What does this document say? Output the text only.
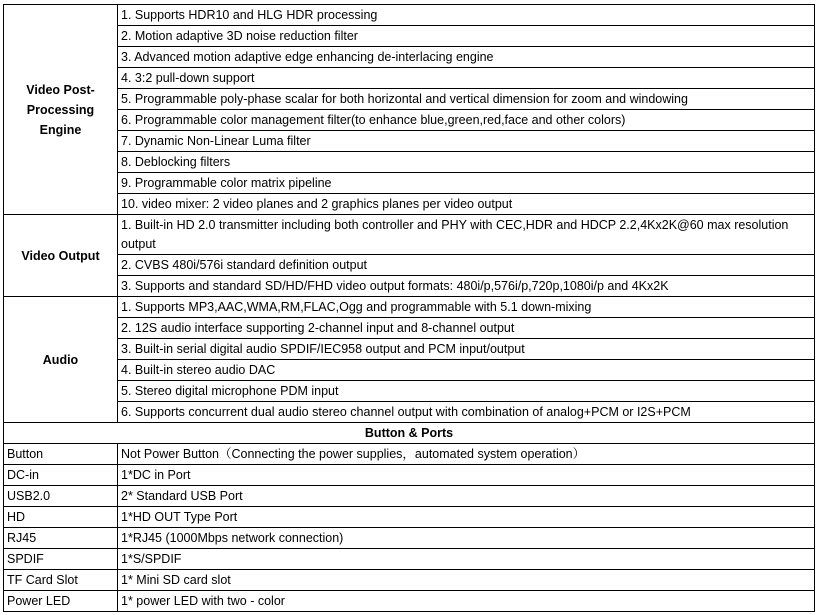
Video Post-Processing Engine	1. Supports HDR10 and HLG HDR processing
	2. Motion adaptive 3D noise reduction filter
	3. Advanced motion adaptive edge enhancing de-interlacing engine
	4. 3:2 pull-down support
	5. Programmable poly-phase scalar for both horizontal and vertical dimension for zoom and windowing
	6. Programmable color management filter(to enhance blue,green,red,face and other colors)
	7. Dynamic Non-Linear Luma filter
	8. Deblocking filters
	9. Programmable color matrix pipeline
	10. video mixer: 2 video planes and 2 graphics planes per video output
Video Output	1. Built-in HD 2.0 transmitter including both controller and PHY with CEC,HDR and HDCP 2.2,4Kx2K@60 max resolution output
	2. CVBS 480i/576i standard definition output
	3. Supports and standard SD/HD/FHD video output formats: 480i/p,576i/p,720p,1080i/p and 4Kx2K
Audio	1. Supports MP3,AAC,WMA,RM,FLAC,Ogg and programmable with 5.1 down-mixing
	2. 12S audio interface supporting 2-channel input and 8-channel output
	3. Built-in serial digital audio SPDIF/IEC958 output and PCM input/output
	4. Built-in stereo audio DAC
	5. Stereo digital microphone PDM input
	6. Supports concurrent dual audio stereo channel output with combination of analog+PCM or I2S+PCM
Button & Ports	
Button	Not Power Button（Connecting the power supplies，automated system operation）
DC-in	1*DC in Port
USB2.0	2* Standard USB Port
HD	1*HD OUT Type Port
RJ45	1*RJ45 (1000Mbps network connection)
SPDIF	1*S/SPDIF
TF Card Slot	1* Mini SD card slot
Power LED	1* power LED with two - color
